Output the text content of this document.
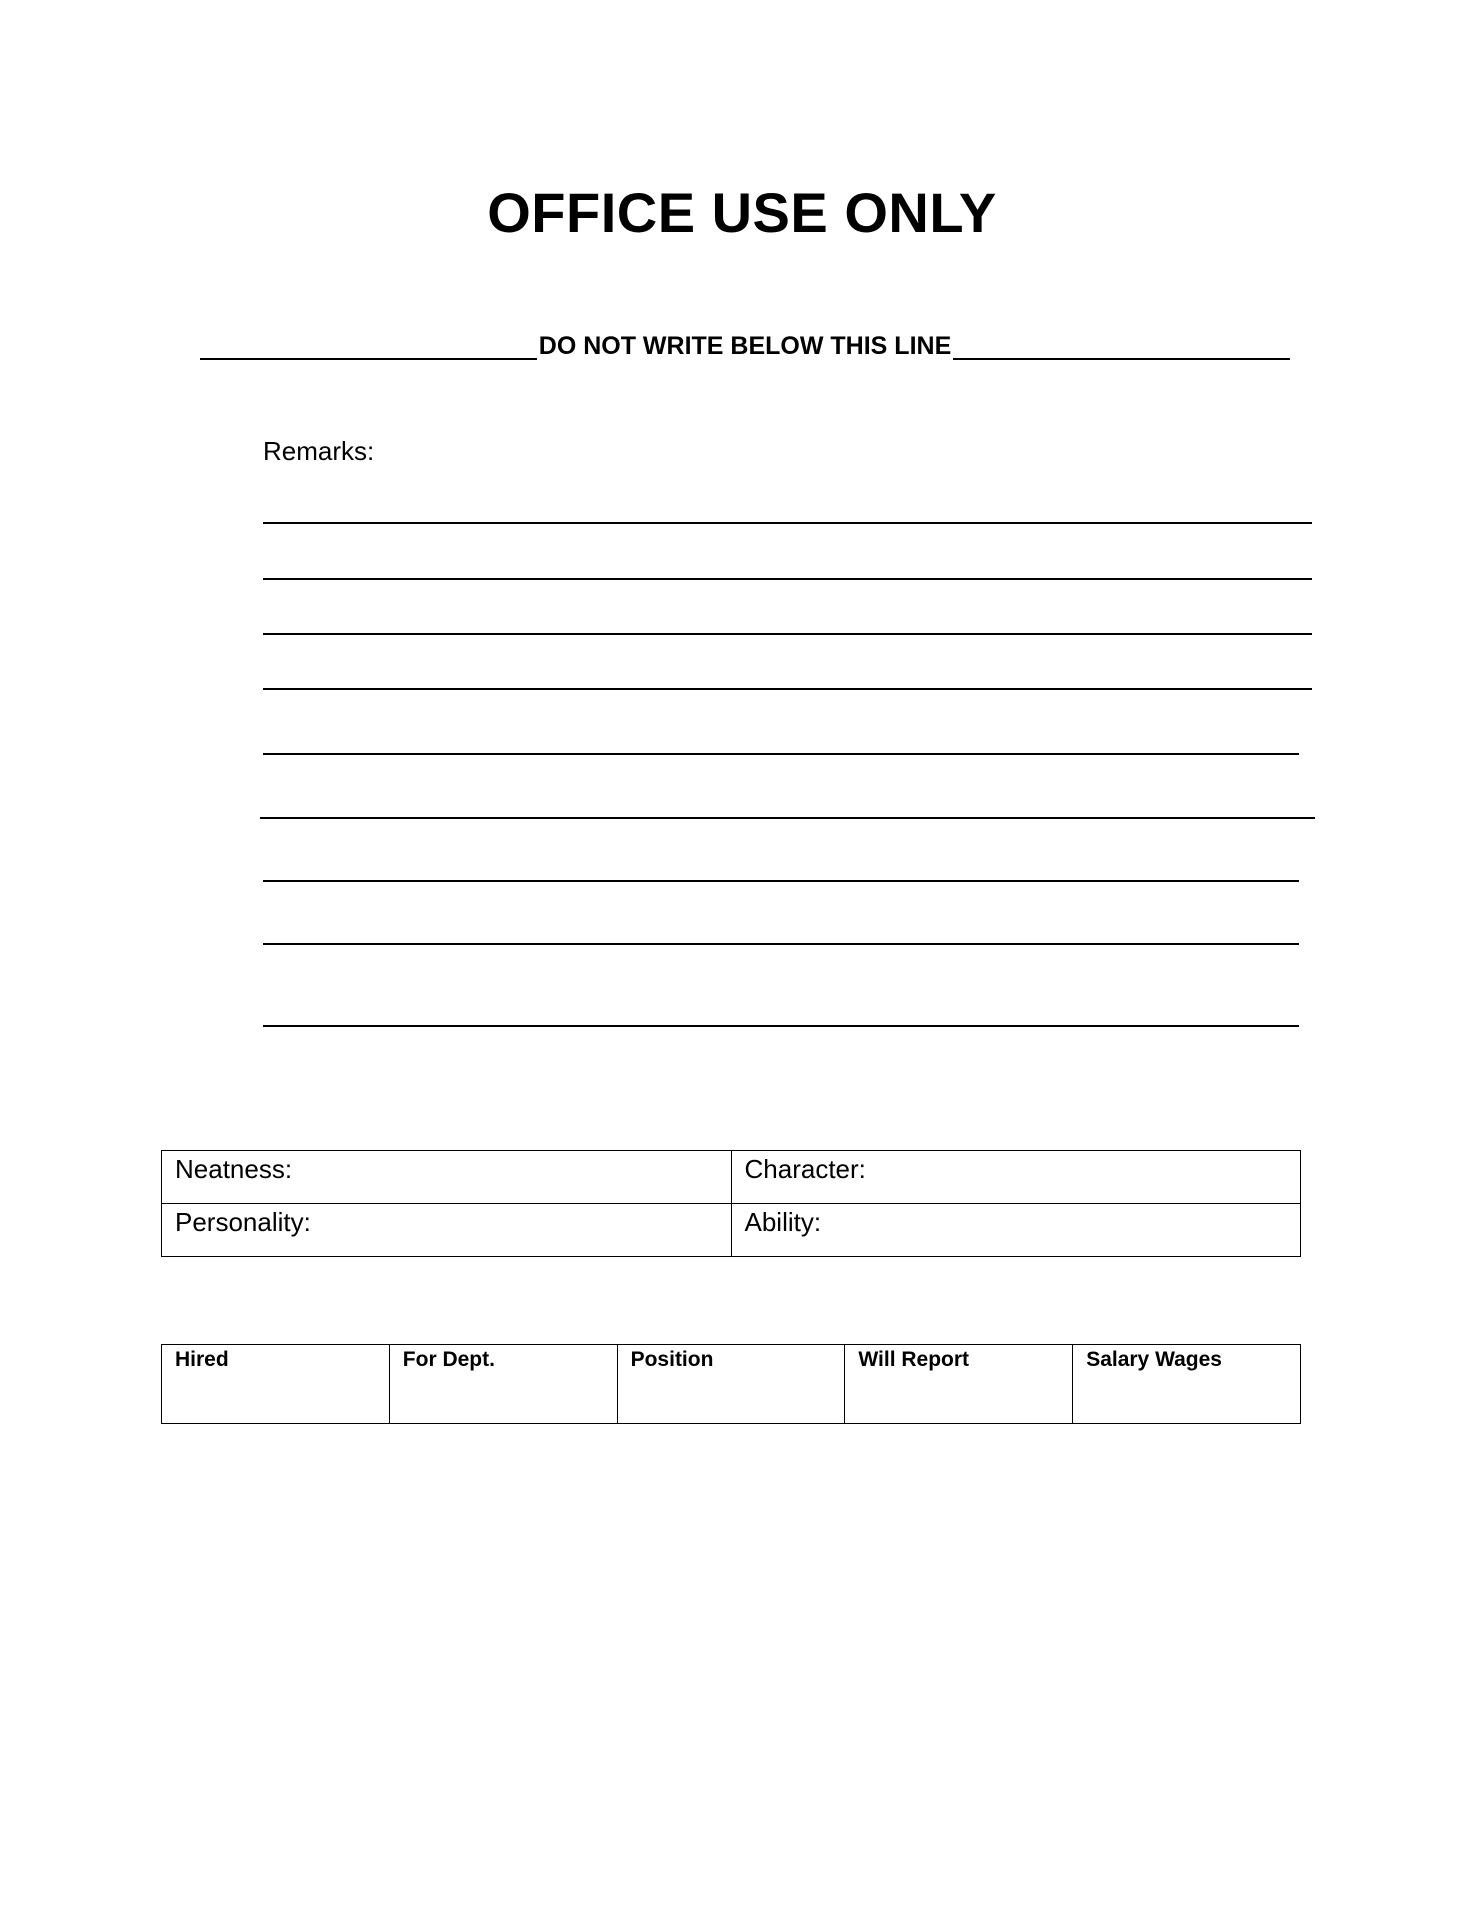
OFFICE USE ONLY
DO NOT WRITE BELOW THIS LINE
Remarks:
Neatness:	Character:
Personality:	Ability:
Hired	For Dept.	Position	Will Report	Salary Wages
